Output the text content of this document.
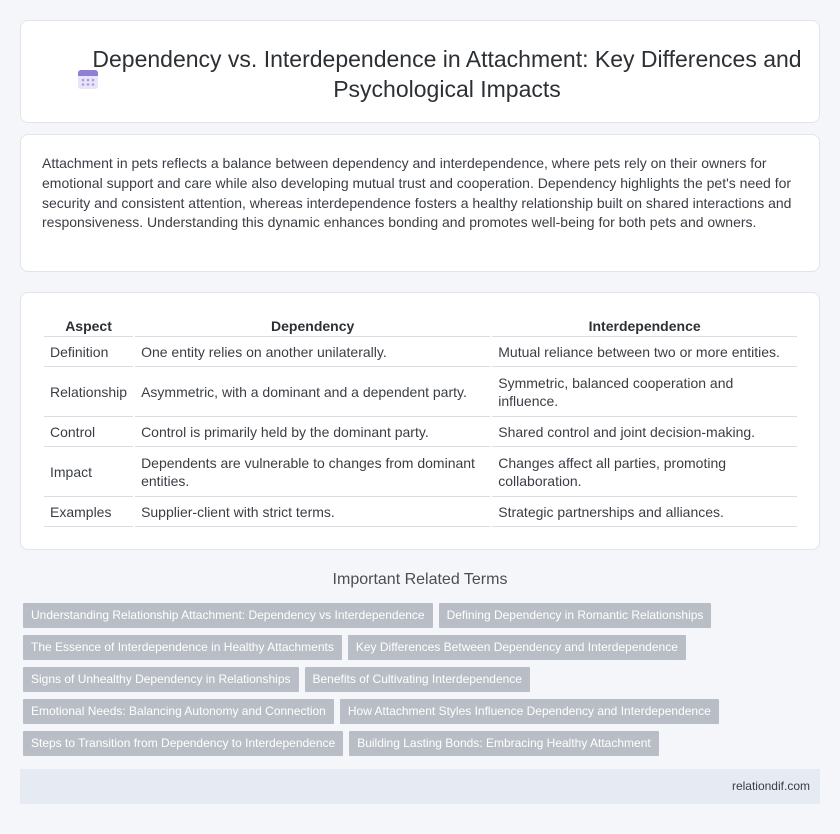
Dependency vs. Interdependence in Attachment: Key Differences and Psychological Impacts

Attachment in pets reflects a balance between dependency and interdependence, where pets rely on their owners for emotional support and care while also developing mutual trust and cooperation. Dependency highlights the pet's need for security and consistent attention, whereas interdependence fosters a healthy relationship built on shared interactions and responsiveness. Understanding this dynamic enhances bonding and promotes well-being for both pets and owners.

Aspect	Dependency	Interdependence
Definition	One entity relies on another unilaterally.	Mutual reliance between two or more entities.
Relationship	Asymmetric, with a dominant and a dependent party.	Symmetric, balanced cooperation and influence.
Control	Control is primarily held by the dominant party.	Shared control and joint decision-making.
Impact	Dependents are vulnerable to changes from dominant entities.	Changes affect all parties, promoting collaboration.
Examples	Supplier-client with strict terms.	Strategic partnerships and alliances.
Important Related Terms
Understanding Relationship Attachment: Dependency vs Interdependence Defining Dependency in Romantic Relationships
The Essence of Interdependence in Healthy Attachments Key Differences Between Dependency and Interdependence
Signs of Unhealthy Dependency in Relationships Benefits of Cultivating Interdependence
Emotional Needs: Balancing Autonomy and Connection How Attachment Styles Influence Dependency and Interdependence
Steps to Transition from Dependency to Interdependence Building Lasting Bonds: Embracing Healthy Attachment
relationdif.com
